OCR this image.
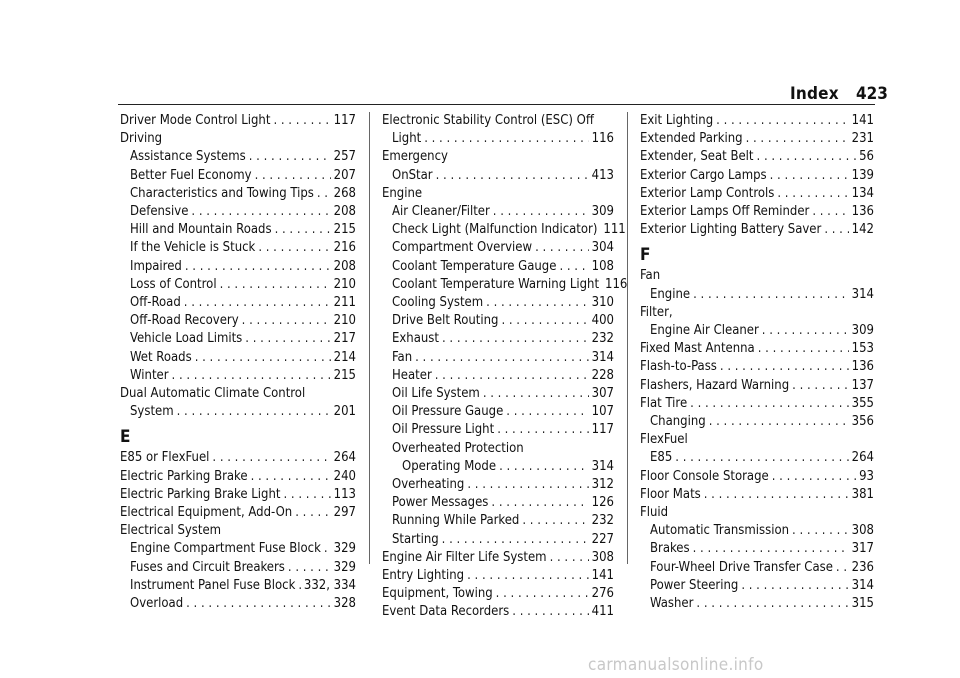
Index 423
Driver Mode Control Light . . .	117
Driving
Assistance Systems . . .	257
Better Fuel Economy . . .	207
Characteristics and Towing Tips . . . 268
Defensive . . .	208
Hill and Mountain Roads . . .	215
If the Vehicle is Stuck . . .	216
Impaired . . .	208
Loss of Control . . .	210
Off-Road . . .	211
Off-Road Recovery . . .	210
Vehicle Load Limits . . .	217
Wet Roads . . .	214
Winter . . .	215
Dual Automatic Climate Control
System . . .	201
E
E85 or FlexFuel . . .	264
Electric Parking Brake . . .	240
Electric Parking Brake Light . . .	113
Electrical Equipment, Add-On . . .	297
Electrical System
Engine Compartment Fuse Block . . . 329
Fuses and Circuit Breakers . . .	329
Instrument Panel Fuse Block . . . 332, 334
Overload . . .	328
Electronic Stability Control (ESC) Off
Light . . .	116
Emergency
OnStar . . .	413
Engine
Air Cleaner/Filter . . .	309
Check Light (Malfunction Indicator) 111
Compartment Overview . . .	304
Coolant Temperature Gauge . . .	108
Coolant Temperature Warning Light 116
Cooling System . . .	310
Drive Belt Routing . . .	400
Exhaust . . .	232
Fan . . .	314
Heater . . .	228
Oil Life System . . .	307
Oil Pressure Gauge . . .	107
Oil Pressure Light . . .	117
Overheated Protection
Operating Mode . . .	314
Overheating . . .	312
Power Messages . . .	126
Running While Parked . . .	232
Starting . . .	227
Engine Air Filter Life System . . .	308
Entry Lighting . . .	141
Equipment, Towing . . .	276
Event Data Recorders . . .	411
Exit Lighting . . .	141
Extended Parking . . .	231
Extender, Seat Belt . . .	56
Exterior Cargo Lamps . . .	139
Exterior Lamp Controls . . .	134
Exterior Lamps Off Reminder . . .	136
Exterior Lighting Battery Saver . . . 142
F
Fan
Engine . . .	314
Filter,
Engine Air Cleaner . . .	309
Fixed Mast Antenna . . .	153
Flash-to-Pass . . .	136
Flashers, Hazard Warning . . .	137
Flat Tire . . .	355
Changing . . .	356
FlexFuel
E85 . . .	264
Floor Console Storage . . .	93
Floor Mats . . .	381
Fluid
Automatic Transmission . . .	308
Brakes . . .	317
Four-Wheel Drive Transfer Case . . . 236
Power Steering . . .	314
Washer . . .	315
carmanualsonline.info
